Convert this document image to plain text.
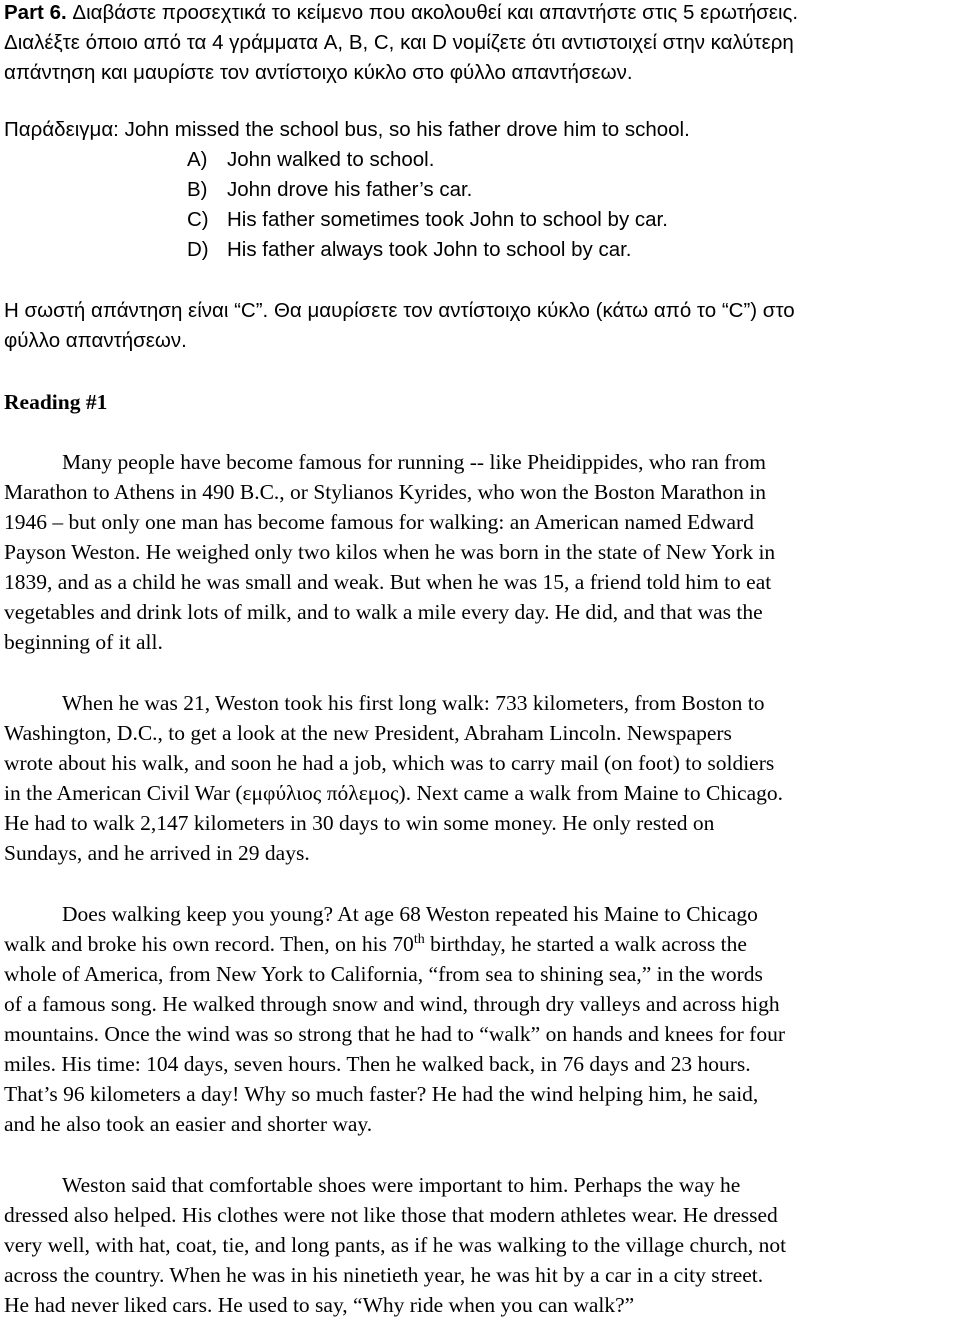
Part 6. Διαβάστε προσεχτικά το κείμενο που ακολουθεί και απαντήστε στις 5 ερωτήσεις.
Διαλέξτε όποιο από τα 4 γράμματα A, B, C, και D νομίζετε ότι αντιστοιχεί στην καλύτερη
απάντηση και μαυρίστε τον αντίστοιχο κύκλο στο φύλλο απαντήσεων.
Παράδειγμα: John missed the school bus, so his father drove him to school.
A) John walked to school.
B) John drove his father’s car.
C) His father sometimes took John to school by car.
D) His father always took John to school by car.
Η σωστή απάντηση είναι “C”. Θα μαυρίσετε τον αντίστοιχο κύκλο (κάτω από το “C”) στο
φύλλο απαντήσεων.
Reading #1
Many people have become famous for running -- like Pheidippides, who ran from
Marathon to Athens in 490 B.C., or Stylianos Kyrides, who won the Boston Marathon in
1946 – but only one man has become famous for walking: an American named Edward
Payson Weston. He weighed only two kilos when he was born in the state of New York in
1839, and as a child he was small and weak. But when he was 15, a friend told him to eat
vegetables and drink lots of milk, and to walk a mile every day. He did, and that was the
beginning of it all.
When he was 21, Weston took his first long walk: 733 kilometers, from Boston to
Washington, D.C., to get a look at the new President, Abraham Lincoln. Newspapers
wrote about his walk, and soon he had a job, which was to carry mail (on foot) to soldiers
in the American Civil War (εμφύλιος πόλεμος). Next came a walk from Maine to Chicago.
He had to walk 2,147 kilometers in 30 days to win some money. He only rested on
Sundays, and he arrived in 29 days.
Does walking keep you young? At age 68 Weston repeated his Maine to Chicago
walk and broke his own record. Then, on his 70th birthday, he started a walk across the
whole of America, from New York to California, “from sea to shining sea,” in the words
of a famous song. He walked through snow and wind, through dry valleys and across high
mountains. Once the wind was so strong that he had to “walk” on hands and knees for four
miles. His time: 104 days, seven hours. Then he walked back, in 76 days and 23 hours.
That’s 96 kilometers a day! Why so much faster? He had the wind helping him, he said,
and he also took an easier and shorter way.
Weston said that comfortable shoes were important to him. Perhaps the way he
dressed also helped. His clothes were not like those that modern athletes wear. He dressed
very well, with hat, coat, tie, and long pants, as if he was walking to the village church, not
across the country. When he was in his ninetieth year, he was hit by a car in a city street.
He had never liked cars. He used to say, “Why ride when you can walk?”
